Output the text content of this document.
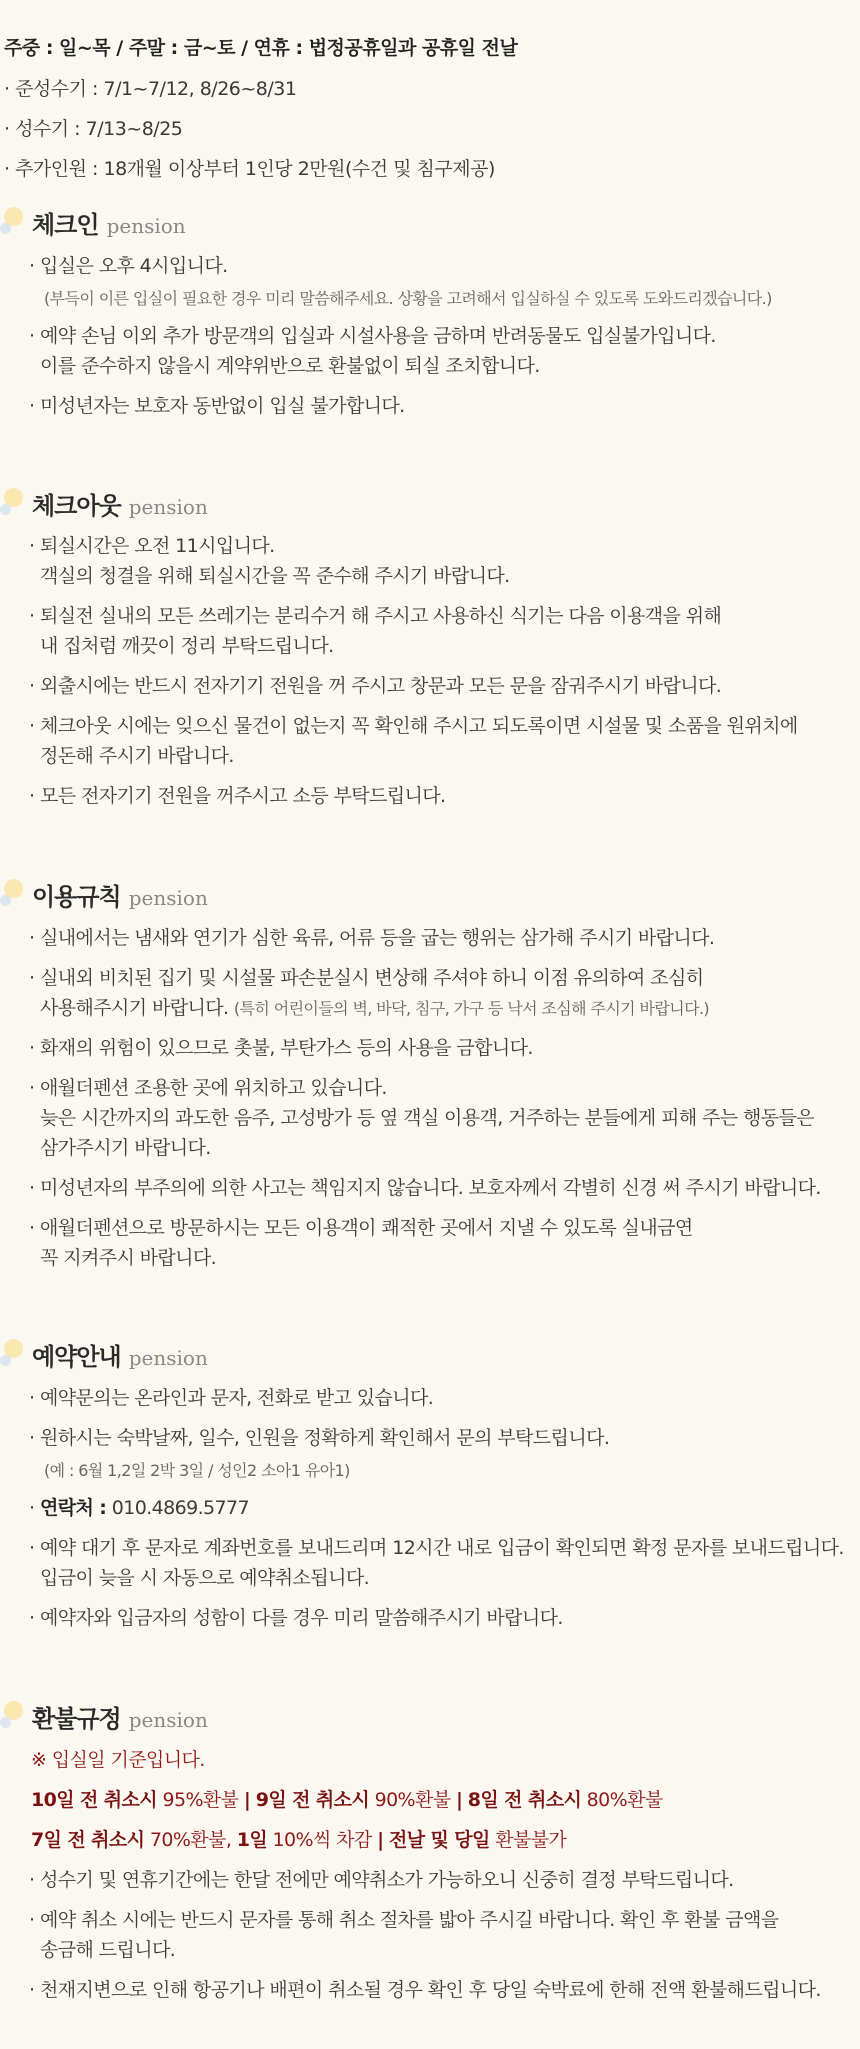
주중 : 일~목 / 주말 : 금~토 / 연휴 : 법정공휴일과 공휴일 전날
· 준성수기 : 7/1~7/12, 8/26~8/31
· 성수기 : 7/13~8/25
· 추가인원 : 18개월 이상부터 1인당 2만원(수건 및 침구제공)
체크인 pension
· 입실은 오후 4시입니다.
(부득이 이른 입실이 필요한 경우 미리 말씀해주세요. 상황을 고려해서 입실하실 수 있도록 도와드리겠습니다.)
· 예약 손님 이외 추가 방문객의 입실과 시설사용을 금하며 반려동물도 입실불가입니다.
이를 준수하지 않을시 계약위반으로 환불없이 퇴실 조치합니다.
· 미성년자는 보호자 동반없이 입실 불가합니다.
체크아웃 pension
· 퇴실시간은 오전 11시입니다.
객실의 청결을 위해 퇴실시간을 꼭 준수해 주시기 바랍니다.
· 퇴실전 실내의 모든 쓰레기는 분리수거 해 주시고 사용하신 식기는 다음 이용객을 위해
내 집처럼 깨끗이 정리 부탁드립니다.
· 외출시에는 반드시 전자기기 전원을 꺼 주시고 창문과 모든 문을 잠궈주시기 바랍니다.
· 체크아웃 시에는 잊으신 물건이 없는지 꼭 확인해 주시고 되도록이면 시설물 및 소품을 원위치에
정돈해 주시기 바랍니다.
· 모든 전자기기 전원을 꺼주시고 소등 부탁드립니다.
이용규칙 pension
· 실내에서는 냄새와 연기가 심한 육류, 어류 등을 굽는 행위는 삼가해 주시기 바랍니다.
· 실내외 비치된 집기 및 시설물 파손분실시 변상해 주셔야 하니 이점 유의하여 조심히
사용해주시기 바랍니다. (특히 어린이들의 벽, 바닥, 침구, 가구 등 낙서 조심해 주시기 바랍니다.)
· 화재의 위험이 있으므로 촛불, 부탄가스 등의 사용을 금합니다.
· 애월더펜션 조용한 곳에 위치하고 있습니다.
늦은 시간까지의 과도한 음주, 고성방가 등 옆 객실 이용객, 거주하는 분들에게 피해 주는 행동들은
삼가주시기 바랍니다.
· 미성년자의 부주의에 의한 사고는 책임지지 않습니다. 보호자께서 각별히 신경 써 주시기 바랍니다.
· 애월더펜션으로 방문하시는 모든 이용객이 쾌적한 곳에서 지낼 수 있도록 실내금연
꼭 지켜주시 바랍니다.
예약안내 pension
· 예약문의는 온라인과 문자, 전화로 받고 있습니다.
· 원하시는 숙박날짜, 일수, 인원을 정확하게 확인해서 문의 부탁드립니다.
(예 : 6월 1,2일 2박 3일 / 성인2 소아1 유아1)
· 연락처 : 010.4869.5777
· 예약 대기 후 문자로 계좌번호를 보내드리며 12시간 내로 입금이 확인되면 확정 문자를 보내드립니다.
입금이 늦을 시 자동으로 예약취소됩니다.
· 예약자와 입금자의 성함이 다를 경우 미리 말씀해주시기 바랍니다.
환불규정 pension
※ 입실일 기준입니다.
10일 전 취소시 95%환불 | 9일 전 취소시 90%환불 | 8일 전 취소시 80%환불
7일 전 취소시 70%환불, 1일 10%씩 차감 | 전날 및 당일 환불불가
· 성수기 및 연휴기간에는 한달 전에만 예약취소가 가능하오니 신중히 결정 부탁드립니다.
· 예약 취소 시에는 반드시 문자를 통해 취소 절차를 밟아 주시길 바랍니다. 확인 후 환불 금액을
송금해 드립니다.
· 천재지변으로 인해 항공기나 배편이 취소될 경우 확인 후 당일 숙박료에 한해 전액 환불해드립니다.
